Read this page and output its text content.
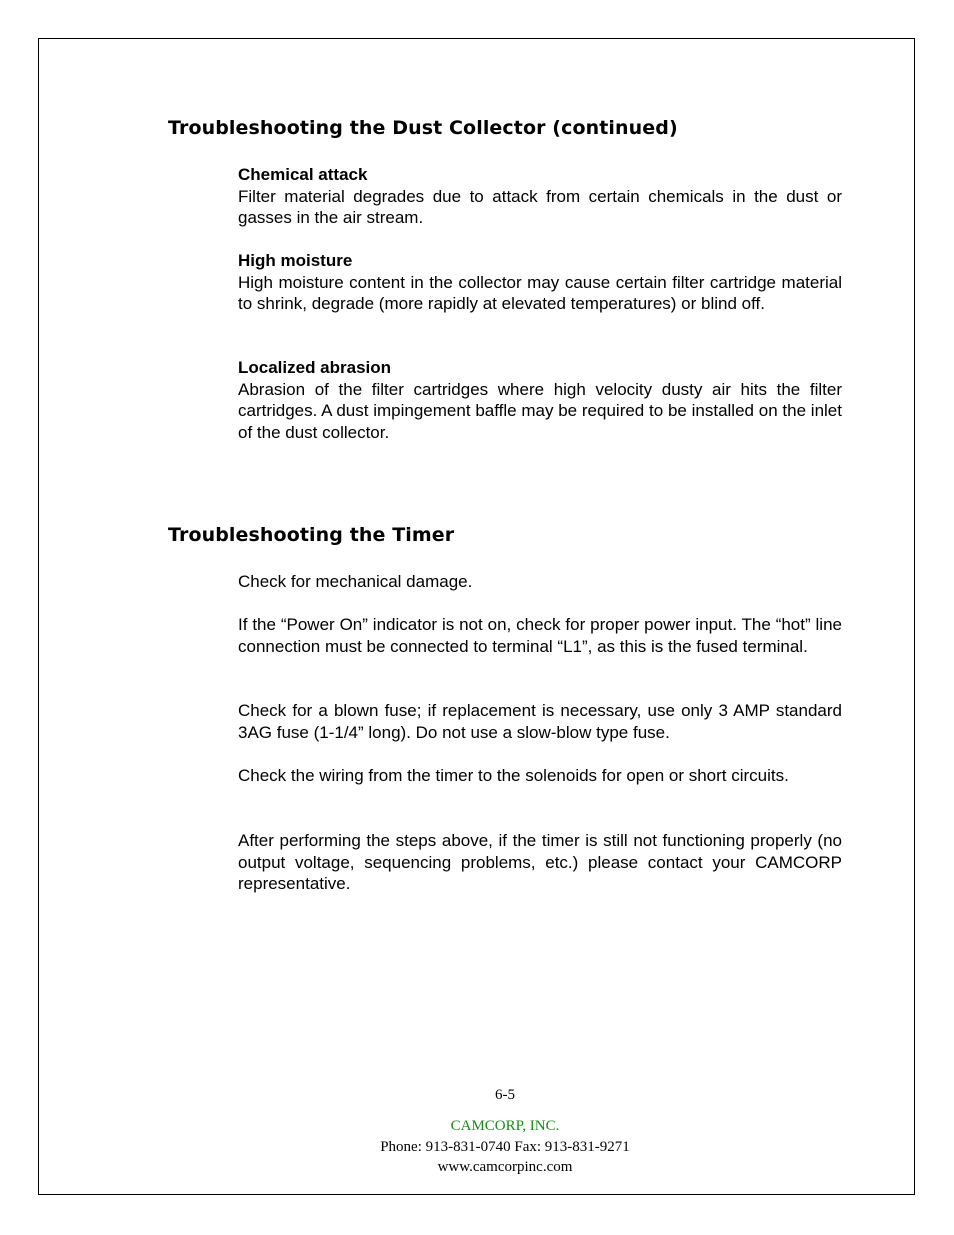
Troubleshooting the Dust Collector (continued)
Chemical attack
Filter material degrades due to attack from certain chemicals in the dust or gasses in the air stream.
High moisture
High moisture content in the collector may cause certain filter cartridge material to shrink, degrade (more rapidly at elevated temperatures) or blind off.
Localized abrasion
Abrasion of the filter cartridges where high velocity dusty air hits the filter cartridges. A dust impingement baffle may be required to be installed on the inlet of the dust collector.
Troubleshooting the Timer
Check for mechanical damage.
If the “Power On” indicator is not on, check for proper power input. The “hot” line connection must be connected to terminal “L1”, as this is the fused terminal.
Check for a blown fuse; if replacement is necessary, use only 3 AMP standard 3AG fuse (1-1/4” long). Do not use a slow-blow type fuse.
Check the wiring from the timer to the solenoids for open or short circuits.
After performing the steps above, if the timer is still not functioning properly (no output voltage, sequencing problems, etc.) please contact your CAMCORP representative.
6-5
CAMCORP, INC.
Phone: 913-831-0740 Fax: 913-831-9271
www.camcorpinc.com
